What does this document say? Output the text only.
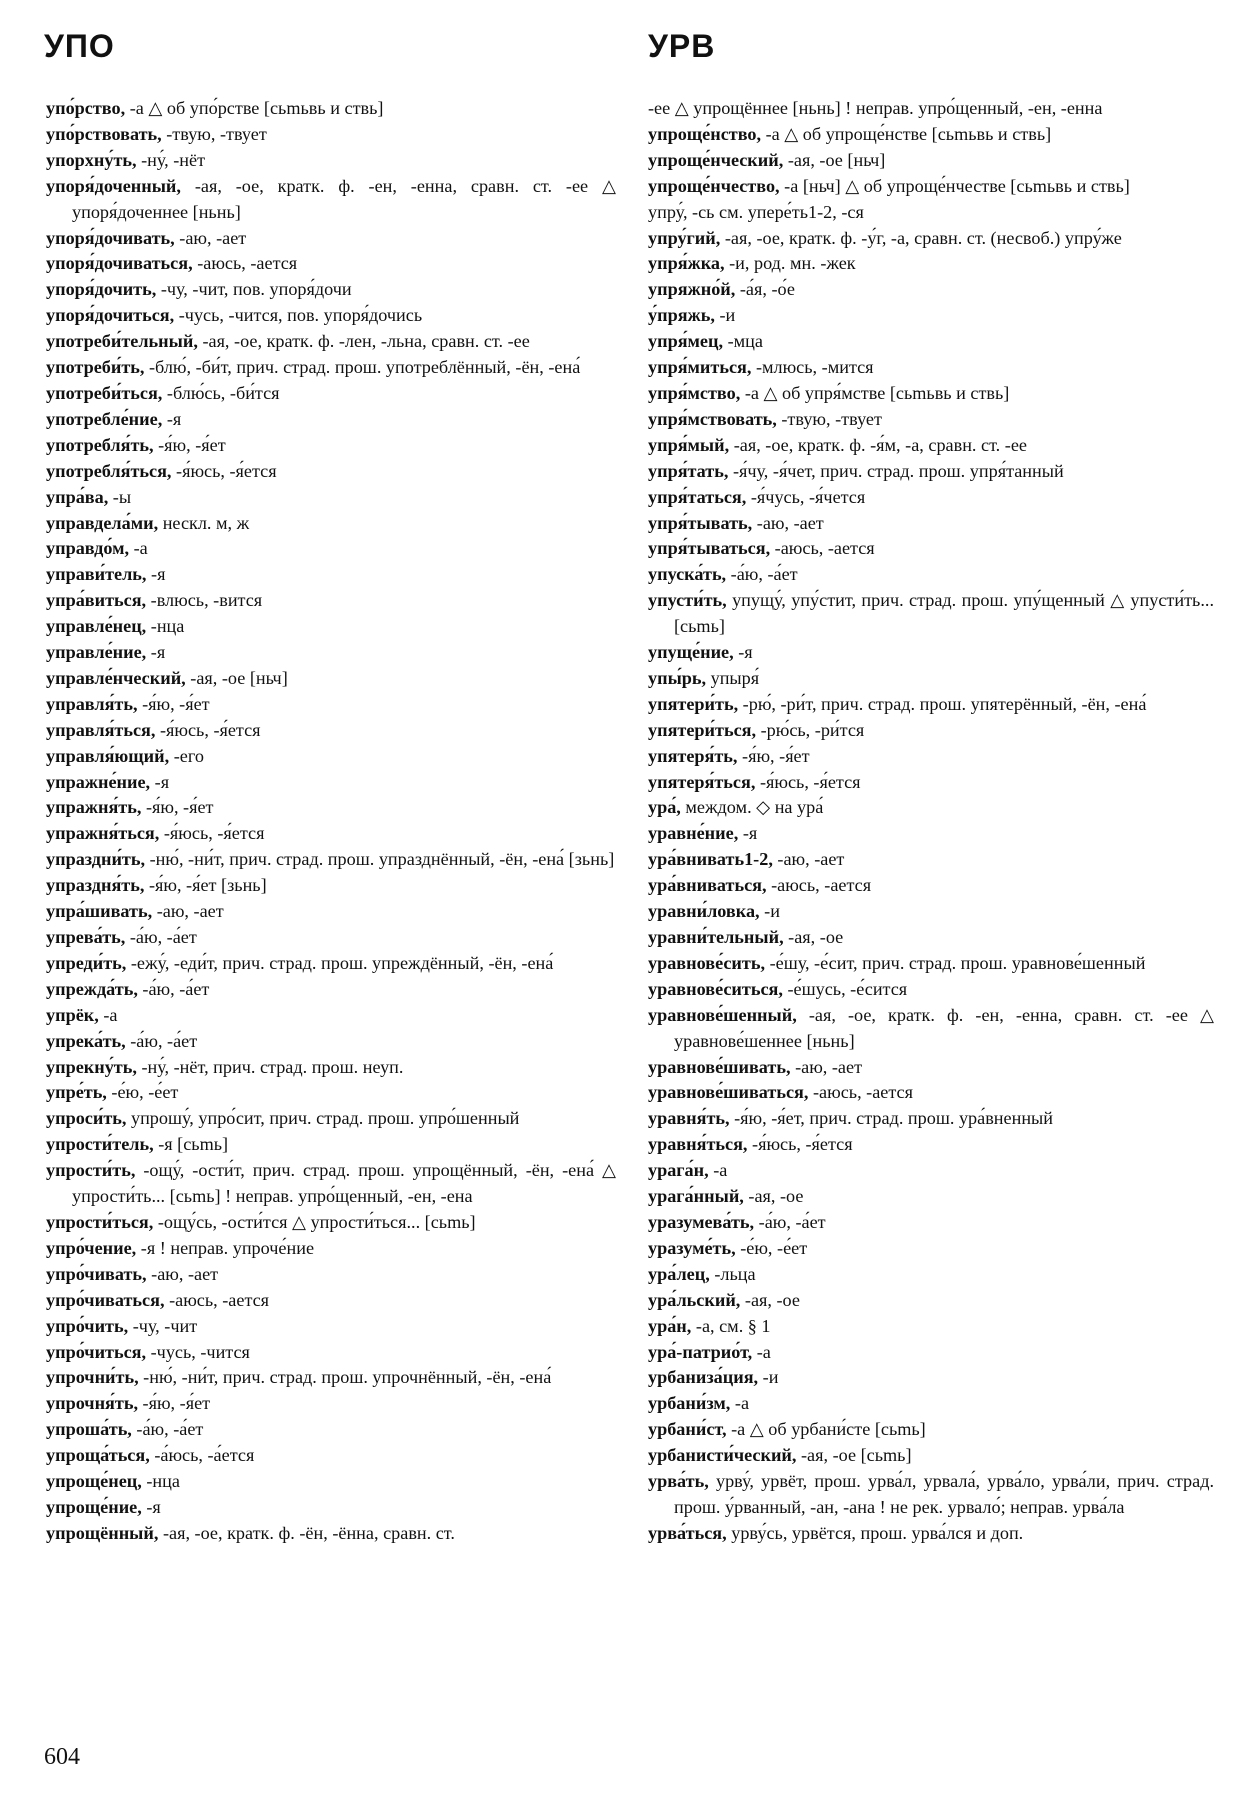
УПО	УРВ
упо́рство, -а △ об упо́рстве [cьmьвь и ствь]
упо́рствовать, -твую, -твует
упорхну́ть, -ну́, -нёт
упоря́доченный, -ая, -ое, кратк. ф. -ен, -енна, сравн. ст. -ее △ упоря́доченнее [ньнь]
упоря́дочивать, -аю, -ает
упоря́дочиваться, -аюсь, -ается
упоря́дочить, -чу, -чит, пов. упоря́дочи
упоря́дочиться, -чусь, -чится, пов. упоря́дочись
употреби́тельный, -ая, -ое, кратк. ф. -лен, -льна, сравн. ст. -ее
употреби́ть, -блю́, -би́т, прич. страд. прош. употреблённый, -ён, -ена́
употреби́ться, -блю́сь, -би́тся
употребле́ние, -я
употребля́ть, -я́ю, -я́ет
употребля́ться, -я́юсь, -я́ется
упра́ва, -ы
управдела́ми, нескл. м, ж
управдо́м, -а
управи́тель, -я
упра́виться, -влюсь, -вится
управле́нец, -нца
управле́ние, -я
управле́нческий, -ая, -ое [ньч]
управля́ть, -я́ю, -я́ет
управля́ться, -я́юсь, -я́ется
управля́ющий, -его
упражне́ние, -я
упражня́ть, -я́ю, -я́ет
упражня́ться, -я́юсь, -я́ется
упраздни́ть, -ню́, -ни́т, прич. страд. прош. упразднённый, -ён, -ена́ [зьнь]
упраздня́ть, -я́ю, -я́ет [зьнь]
упра́шивать, -аю, -ает
упрева́ть, -а́ю, -а́ет
упреди́ть, -ежу́, -еди́т, прич. страд. прош. упреждённый, -ён, -ена́
упрежда́ть, -а́ю, -а́ет
упрёк, -а
упрека́ть, -а́ю, -а́ет
упрекну́ть, -ну́, -нёт, прич. страд. прош. неуп.
упре́ть, -е́ю, -е́ет
упроси́ть, упрошу́, упро́сит, прич. страд. прош. упро́шенный
упрости́тель, -я [сьmь]
упрости́ть, -ощу́, -ости́т, прич. страд. прош. упрощённый, -ён, -ена́ △ упрости́ть... [сьmь] ! неправ. упро́щенный, -ен, -ена
упрости́ться, -ощу́сь, -ости́тся △ упрости́ться... [сьmь]
упро́чение, -я ! неправ. упроче́ние
упро́чивать, -аю, -ает
упро́чиваться, -аюсь, -ается
упро́чить, -чу, -чит
упро́читься, -чусь, -чится
упрочни́ть, -ню́, -ни́т, прич. страд. прош. упрочнённый, -ён, -ена́
упрочня́ть, -я́ю, -я́ет
упроша́ть, -а́ю, -а́ет
упроща́ться, -а́юсь, -а́ется
упроще́нец, -нца
упроще́ние, -я
упрощённый, -ая, -ое, кратк. ф. -ён, -ённа, сравн. ст.
-ее △ упрощённее [ньнь] ! неправ. упро́щенный, -ен, -енна
упроще́нство, -а △ об упроще́нстве [cьmьвь и ствь]
упроще́нческий, -ая, -ое [ньч]
упроще́нчество, -а [ньч] △ об упроще́нчестве [cьmьвь и ствь]
упру́, -сь см. упере́ть1-2, -ся
упру́гий, -ая, -ое, кратк. ф. -у́г, -а, сравн. ст. (несвоб.) упру́же
упря́жка, -и, род. мн. -жек
упряжно́й, -а́я, -о́е
у́пряжь, -и
упря́мец, -мца
упря́миться, -млюсь, -мится
упря́мство, -а △ об упря́мстве [cьmьвь и ствь]
упря́мствовать, -твую, -твует
упря́мый, -ая, -ое, кратк. ф. -я́м, -а, сравн. ст. -ее
упря́тать, -я́чу, -я́чет, прич. страд. прош. упря́танный
упря́таться, -я́чусь, -я́чется
упря́тывать, -аю, -ает
упря́тываться, -аюсь, -ается
упуска́ть, -а́ю, -а́ет
упусти́ть, упущу́, упу́стит, прич. страд. прош. упу́щенный △ упусти́ть... [сьmь]
упуще́ние, -я
упы́рь, упыря́
упятери́ть, -рю́, -ри́т, прич. страд. прош. упятерённый, -ён, -ена́
упятери́ться, -рю́сь, -ри́тся
упятеря́ть, -я́ю, -я́ет
упятеря́ться, -я́юсь, -я́ется
ура́, междом. ◇ на ура́
уравне́ние, -я
ура́внивать1-2, -аю, -ает
ура́вниваться, -аюсь, -ается
уравни́ловка, -и
уравни́тельный, -ая, -ое
уравнове́сить, -е́шу, -е́сит, прич. страд. прош. уравнове́шенный
уравнове́ситься, -е́шусь, -е́сится
уравнове́шенный, -ая, -ое, кратк. ф. -ен, -енна, сравн. ст. -ее △ уравнове́шеннее [ньнь]
уравнове́шивать, -аю, -ает
уравнове́шиваться, -аюсь, -ается
уравня́ть, -я́ю, -я́ет, прич. страд. прош. ура́вненный
уравня́ться, -я́юсь, -я́ется
урага́н, -а
урага́нный, -ая, -ое
уразумева́ть, -а́ю, -а́ет
уразуме́ть, -е́ю, -е́ет
ура́лец, -льца
ура́льский, -ая, -ое
ура́н, -а, см. § 1
ура́-патрио́т, -а
урбаниза́ция, -и
урбани́зм, -а
урбани́ст, -а △ об урбани́сте [сьmь]
урбанисти́ческий, -ая, -ое [сьmь]
урва́ть, урву́, урвёт, прош. урва́л, урвала́, урва́ло, урва́ли, прич. страд. прош. у́рванный, -ан, -ана ! не рек. урвало́; неправ. урва́ла
урва́ться, урву́сь, урвётся, прош. урва́лся и доп.
604
